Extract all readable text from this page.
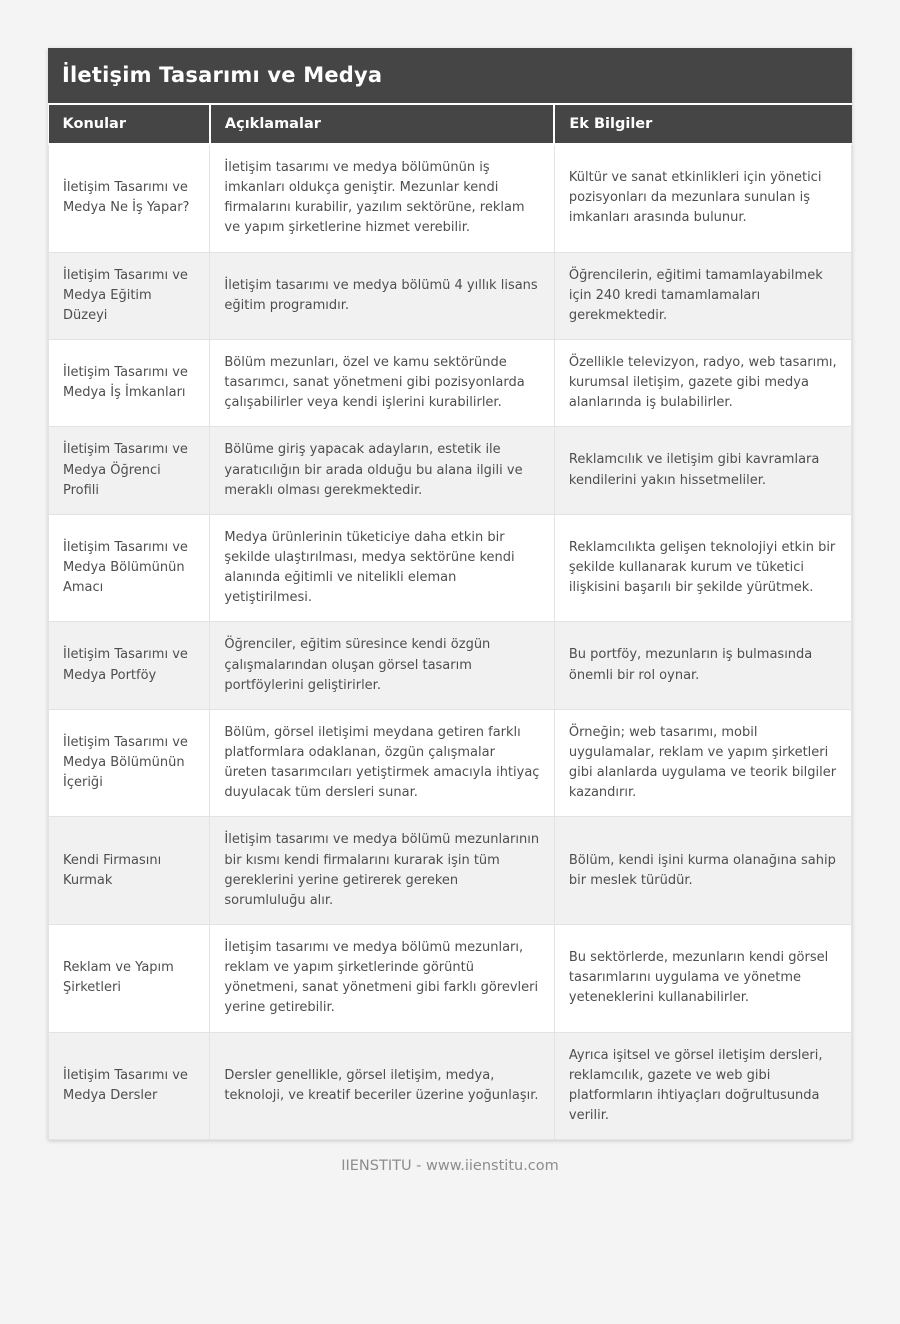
İletişim Tasarımı ve Medya
Konular	Açıklamalar	Ek Bilgiler
İletişim Tasarımı ve Medya Ne İş Yapar?	İletişim tasarımı ve medya bölümünün iş imkanları oldukça geniştir. Mezunlar kendi firmalarını kurabilir, yazılım sektörüne, reklam ve yapım şirketlerine hizmet verebilir.	Kültür ve sanat etkinlikleri için yönetici pozisyonları da mezunlara sunulan iş imkanları arasında bulunur.
İletişim Tasarımı ve Medya Eğitim Düzeyi	İletişim tasarımı ve medya bölümü 4 yıllık lisans eğitim programıdır.	Öğrencilerin, eğitimi tamamlayabilmek için 240 kredi tamamlamaları gerekmektedir.
İletişim Tasarımı ve Medya İş İmkanları	Bölüm mezunları, özel ve kamu sektöründe tasarımcı, sanat yönetmeni gibi pozisyonlarda çalışabilirler veya kendi işlerini kurabilirler.	Özellikle televizyon, radyo, web tasarımı, kurumsal iletişim, gazete gibi medya alanlarında iş bulabilirler.
İletişim Tasarımı ve Medya Öğrenci Profili	Bölüme giriş yapacak adayların, estetik ile yaratıcılığın bir arada olduğu bu alana ilgili ve meraklı olması gerekmektedir.	Reklamcılık ve iletişim gibi kavramlara kendilerini yakın hissetmeliler.
İletişim Tasarımı ve Medya Bölümünün Amacı	Medya ürünlerinin tüketiciye daha etkin bir şekilde ulaştırılması, medya sektörüne kendi alanında eğitimli ve nitelikli eleman yetiştirilmesi.	Reklamcılıkta gelişen teknolojiyi etkin bir şekilde kullanarak kurum ve tüketici ilişkisini başarılı bir şekilde yürütmek.
İletişim Tasarımı ve Medya Portföy	Öğrenciler, eğitim süresince kendi özgün çalışmalarından oluşan görsel tasarım portföylerini geliştirirler.	Bu portföy, mezunların iş bulmasında önemli bir rol oynar.
İletişim Tasarımı ve Medya Bölümünün İçeriği	Bölüm, görsel iletişimi meydana getiren farklı platformlara odaklanan, özgün çalışmalar üreten tasarımcıları yetiştirmek amacıyla ihtiyaç duyulacak tüm dersleri sunar.	Örneğin; web tasarımı, mobil uygulamalar, reklam ve yapım şirketleri gibi alanlarda uygulama ve teorik bilgiler kazandırır.
Kendi Firmasını Kurmak	İletişim tasarımı ve medya bölümü mezunlarının bir kısmı kendi firmalarını kurarak işin tüm gereklerini yerine getirerek gereken sorumluluğu alır.	Bölüm, kendi işini kurma olanağına sahip bir meslek türüdür.
Reklam ve Yapım Şirketleri	İletişim tasarımı ve medya bölümü mezunları, reklam ve yapım şirketlerinde görüntü yönetmeni, sanat yönetmeni gibi farklı görevleri yerine getirebilir.	Bu sektörlerde, mezunların kendi görsel tasarımlarını uygulama ve yönetme yeteneklerini kullanabilirler.
İletişim Tasarımı ve Medya Dersler	Dersler genellikle, görsel iletişim, medya, teknoloji, ve kreatif beceriler üzerine yoğunlaşır.	Ayrıca işitsel ve görsel iletişim dersleri, reklamcılık, gazete ve web gibi platformların ihtiyaçları doğrultusunda verilir.
IIENSTITU - www.iienstitu.com
